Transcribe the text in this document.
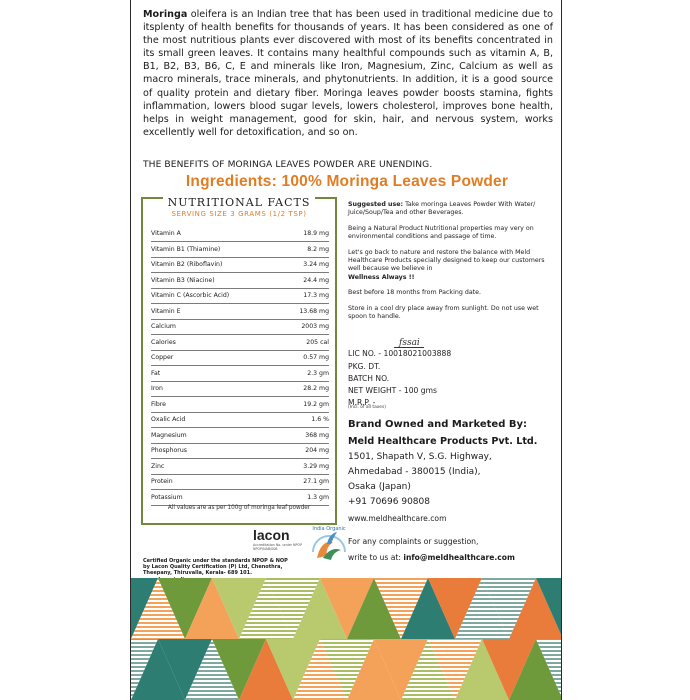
Moringa oleifera is an Indian tree that has been used in traditional medicine due to itsplenty of health benefits for thousands of years. It has been considered as one of the most nutritious plants ever discovered with most of its benefits concentrated in its small green leaves. It contains many healthful compounds such as vitamin A, B, B1, B2, B3, B6, C, E and minerals like Iron, Magnesium, Zinc, Calcium as well as macro minerals, trace minerals, and phytonutrients. In addition, it is a good source of quality protein and dietary fiber. Moringa leaves powder boosts stamina, fights inflammation, lowers blood sugar levels, lowers cholesterol, improves bone health, helps in weight management, good for skin, hair, and nervous system, works excellently well for detoxification, and so on.
THE BENEFITS OF MORINGA LEAVES POWDER ARE UNENDING.
Ingredients: 100% Moringa Leaves Powder
NUTRITIONAL FACTS
SERVING SIZE 3 GRAMS (1/2 TSP)
Vitamin A	18.9 mg
Vitamin B1 (Thiamine)	8.2 mg
Vitamin B2 (Riboflavin)	3.24 mg
Vitamin B3 (Niacine)	24.4 mg
Vitamin C (Ascorbic Acid)	17.3 mg
Vitamin E	13.68 mg
Calcium	2003 mg
Calories	205 cal
Copper	0.57 mg
Fat	2.3 gm
Iron	28.2 mg
Fibre	19.2 gm
Oxalic Acid	1.6 %
Magnesium	368 mg
Phosphorus	204 mg
Zinc	3.29 mg
Protein	27.1 gm
Potassium	1.3 gm
All values are as per 100g of moringa leaf powder

Suggested use: Take moringa Leaves Powder With Water/ Juice/Soup/Tea and other Beverages.

Being a Natural Product Nutritional properties may very on environmental conditions and passage of time.

Let's go back to nature and restore the balance with Meld Healthcare Products specially designed to keep our customers well because we believe in
Wellness Always !!

Best before 18 months from Packing date.

Store in a cool dry place away from sunlight. Do not use wet spoon to handle.

fssai
LIC NO. - 10018021003888
PKG. DT.
BATCH NO.
NET WEIGHT - 100 gms
M.R.P. -
(Incl. of all taxes)
Brand Owned and Marketed By:
Meld Healthcare Products Pvt. Ltd.
1501, Shapath V, S.G. Highway,
Ahmedabad - 380015 (India),
Osaka (Japan)
+91 70696 90808
www.meldhealthcare.com
For any complaints or suggestion,
write to us at: info@meldhealthcare.com
lacon
Accreditation No. under NPOP NPOP/NAB/008
India Organic
Certified Organic under the standards NPOP & NOP by Lacon Quality Certification (P) Ltd, Chenothra, Theepany, Thiruvalla, Kerala- 689 101.
